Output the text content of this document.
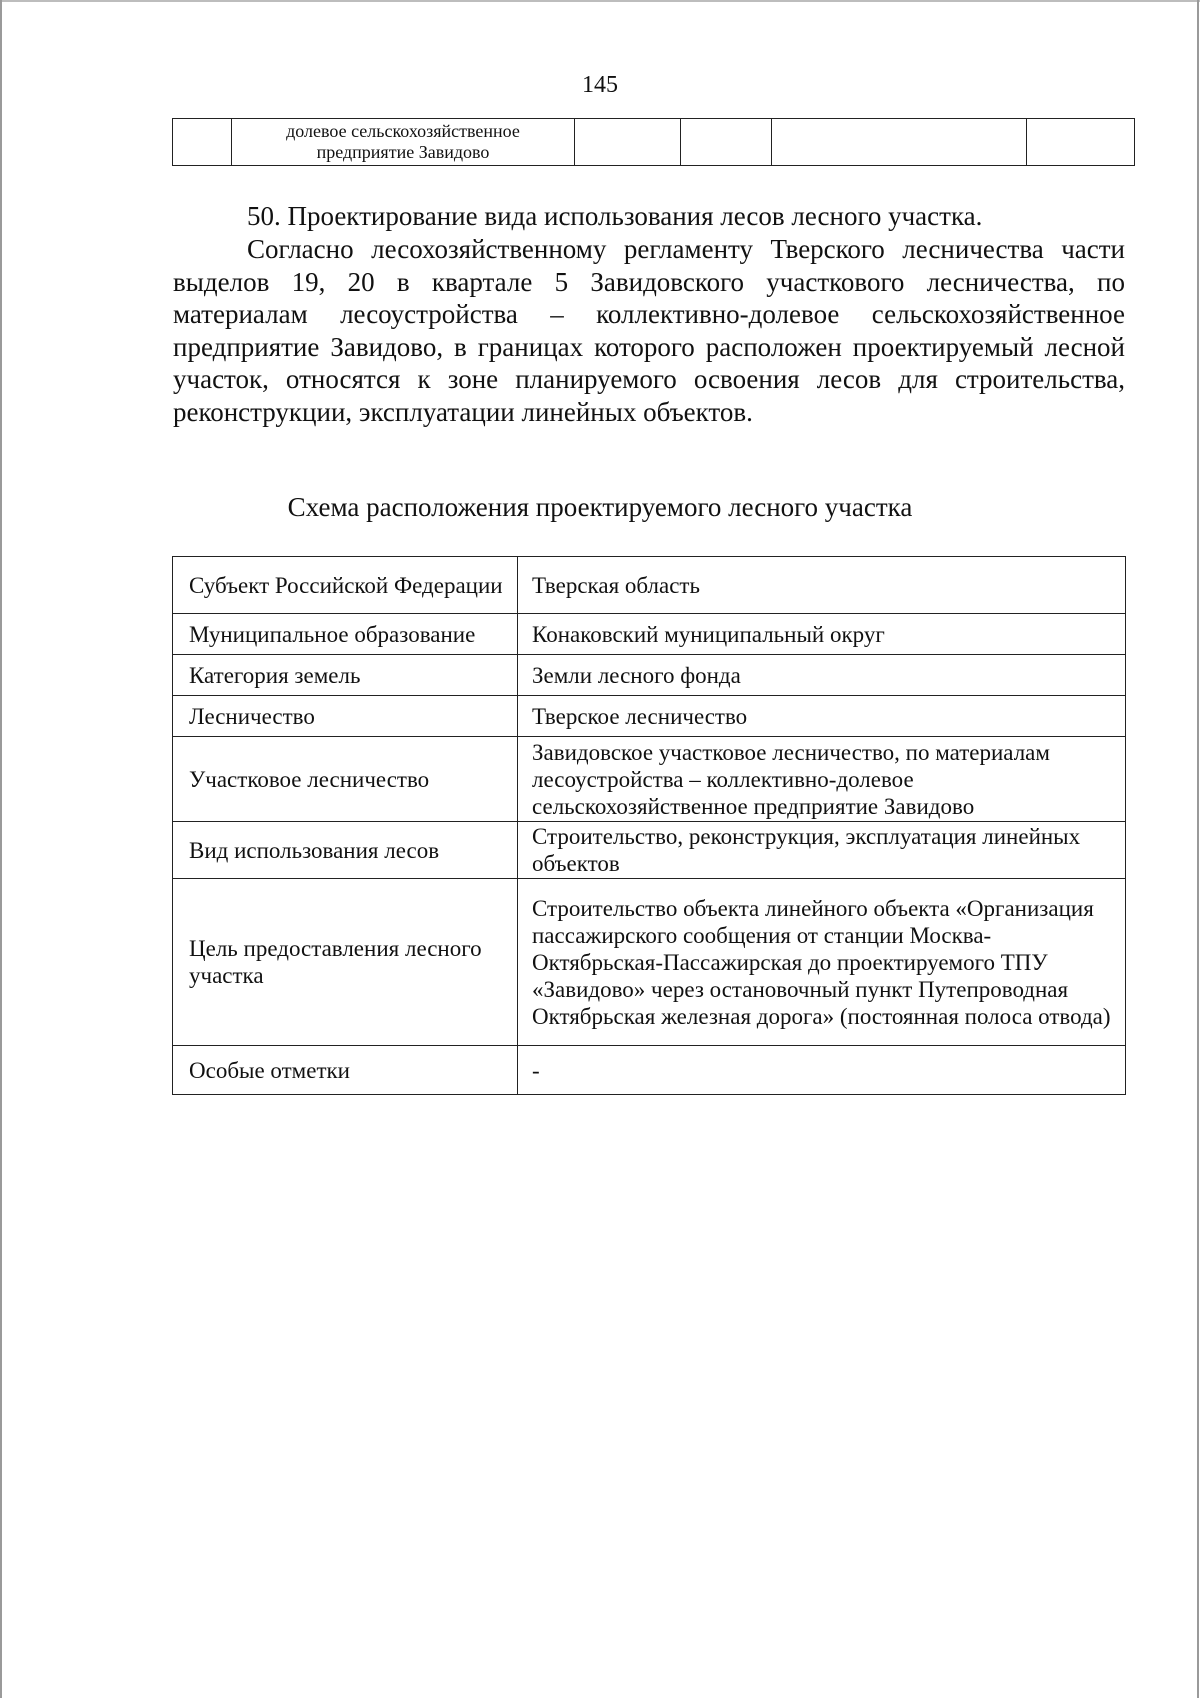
145

долевое сельскохозяйственное предприятие Завидово

50. Проектирование вида использования лесов лесного участка.
Согласно лесохозяйственному регламенту Тверского лесничества части выделов 19, 20 в квартале 5 Завидовского участкового лесничества, по материалам лесоустройства – коллективно-долевое сельскохозяйственное предприятие Завидово, в границах которого расположен проектируемый лесной участок, относятся к зоне планируемого освоения лесов для строительства, реконструкции, эксплуатации линейных объектов.
Схема расположения проектируемого лесного участка
Субъект Российской Федерации	Тверская область
Муниципальное образование	Конаковский муниципальный округ
Категория земель	Земли лесного фонда
Лесничество	Тверское лесничество
Участковое лесничество	Завидовское участковое лесничество, по материалам лесоустройства – коллективно-долевое сельскохозяйственное предприятие Завидово
Вид использования лесов	Строительство, реконструкция, эксплуатация линейных объектов
Цель предоставления лесного участка	Строительство объекта линейного объекта «Организация пассажирского сообщения от станции Москва-Октябрьская-Пассажирская до проектируемого ТПУ «Завидово» через остановочный пункт Путепроводная Октябрьская железная дорога» (постоянная полоса отвода)
Особые отметки	-
